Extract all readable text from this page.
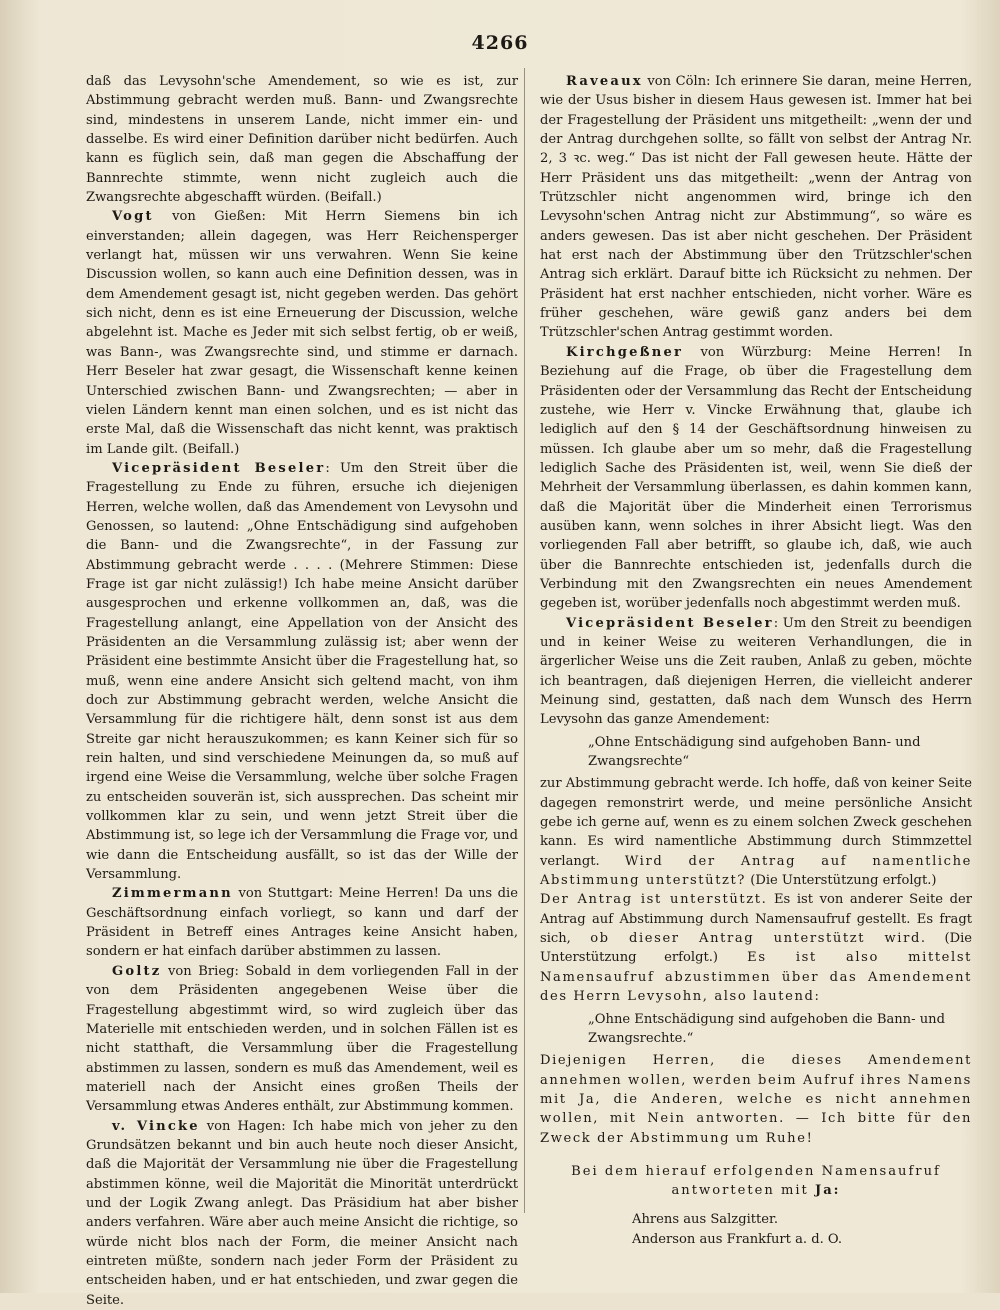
4266

daß das Levysohn'sche Amendement, so wie es ist, zur Abstimmung gebracht werden muß. Bann- und Zwangsrechte sind, mindestens in unserem Lande, nicht immer ein- und dasselbe. Es wird einer Definition darüber nicht bedürfen. Auch kann es füglich sein, daß man gegen die Abschaffung der Bannrechte stimmte, wenn nicht zugleich auch die Zwangsrechte abgeschafft würden. (Beifall.)

Vogt von Gießen: Mit Herrn Siemens bin ich einverstanden; allein dagegen, was Herr Reichensperger verlangt hat, müssen wir uns verwahren. Wenn Sie keine Discussion wollen, so kann auch eine Definition dessen, was in dem Amendement gesagt ist, nicht gegeben werden. Das gehört sich nicht, denn es ist eine Erneuerung der Discussion, welche abgelehnt ist. Mache es Jeder mit sich selbst fertig, ob er weiß, was Bann-, was Zwangsrechte sind, und stimme er darnach. Herr Beseler hat zwar gesagt, die Wissenschaft kenne keinen Unterschied zwischen Bann- und Zwangsrechten; — aber in vielen Ländern kennt man einen solchen, und es ist nicht das erste Mal, daß die Wissenschaft das nicht kennt, was praktisch im Lande gilt. (Beifall.)

Vicepräsident Beseler: Um den Streit über die Fragestellung zu Ende zu führen, ersuche ich diejenigen Herren, welche wollen, daß das Amendement von Levysohn und Genossen, so lautend: „Ohne Entschädigung sind aufgehoben die Bann- und die Zwangsrechte“, in der Fassung zur Abstimmung gebracht werde . . . . (Mehrere Stimmen: Diese Frage ist gar nicht zulässig!) Ich habe meine Ansicht darüber ausgesprochen und erkenne vollkommen an, daß, was die Fragestellung anlangt, eine Appellation von der Ansicht des Präsidenten an die Versammlung zulässig ist; aber wenn der Präsident eine bestimmte Ansicht über die Fragestellung hat, so muß, wenn eine andere Ansicht sich geltend macht, von ihm doch zur Abstimmung gebracht werden, welche Ansicht die Versammlung für die richtigere hält, denn sonst ist aus dem Streite gar nicht herauszukommen; es kann Keiner sich für so rein halten, und sind verschiedene Meinungen da, so muß auf irgend eine Weise die Versammlung, welche über solche Fragen zu entscheiden souverän ist, sich aussprechen. Das scheint mir vollkommen klar zu sein, und wenn jetzt Streit über die Abstimmung ist, so lege ich der Versammlung die Frage vor, und wie dann die Entscheidung ausfällt, so ist das der Wille der Versammlung.

Zimmermann von Stuttgart: Meine Herren! Da uns die Geschäftsordnung einfach vorliegt, so kann und darf der Präsident in Betreff eines Antrages keine Ansicht haben, sondern er hat einfach darüber abstimmen zu lassen.

Goltz von Brieg: Sobald in dem vorliegenden Fall in der von dem Präsidenten angegebenen Weise über die Fragestellung abgestimmt wird, so wird zugleich über das Materielle mit entschieden werden, und in solchen Fällen ist es nicht statthaft, die Versammlung über die Fragestellung abstimmen zu lassen, sondern es muß das Amendement, weil es materiell nach der Ansicht eines großen Theils der Versammlung etwas Anderes enthält, zur Abstimmung kommen.

v. Vincke von Hagen: Ich habe mich von jeher zu den Grundsätzen bekannt und bin auch heute noch dieser Ansicht, daß die Majorität der Versammlung nie über die Fragestellung abstimmen könne, weil die Majorität die Minorität unterdrückt und der Logik Zwang anlegt. Das Präsidium hat aber bisher anders verfahren. Wäre aber auch meine Ansicht die richtige, so würde nicht blos nach der Form, die meiner Ansicht nach eintreten müßte, sondern nach jeder Form der Präsident zu entscheiden haben, und er hat entschieden, und zwar gegen die Seite.

Raveaux von Cöln: Ich erinnere Sie daran, meine Herren, wie der Usus bisher in diesem Haus gewesen ist. Immer hat bei der Fragestellung der Präsident uns mitgetheilt: „wenn der und der Antrag durchgehen sollte, so fällt von selbst der Antrag Nr. 2, 3 ꝛc. weg.“ Das ist nicht der Fall gewesen heute. Hätte der Herr Präsident uns das mitgetheilt: „wenn der Antrag von Trützschler nicht angenommen wird, bringe ich den Levysohn'schen Antrag nicht zur Abstimmung“, so wäre es anders gewesen. Das ist aber nicht geschehen. Der Präsident hat erst nach der Abstimmung über den Trützschler'schen Antrag sich erklärt. Darauf bitte ich Rücksicht zu nehmen. Der Präsident hat erst nachher entschieden, nicht vorher. Wäre es früher geschehen, wäre gewiß ganz anders bei dem Trützschler'schen Antrag gestimmt worden.

Kirchgeßner von Würzburg: Meine Herren! In Beziehung auf die Frage, ob über die Fragestellung dem Präsidenten oder der Versammlung das Recht der Entscheidung zustehe, wie Herr v. Vincke Erwähnung that, glaube ich lediglich auf den § 14 der Geschäftsordnung hinweisen zu müssen. Ich glaube aber um so mehr, daß die Fragestellung lediglich Sache des Präsidenten ist, weil, wenn Sie dieß der Mehrheit der Versammlung überlassen, es dahin kommen kann, daß die Majorität über die Minderheit einen Terrorismus ausüben kann, wenn solches in ihrer Absicht liegt. Was den vorliegenden Fall aber betrifft, so glaube ich, daß, wie auch über die Bannrechte entschieden ist, jedenfalls durch die Verbindung mit den Zwangsrechten ein neues Amendement gegeben ist, worüber jedenfalls noch abgestimmt werden muß.

Vicepräsident Beseler: Um den Streit zu beendigen und in keiner Weise zu weiteren Verhandlungen, die in ärgerlicher Weise uns die Zeit rauben, Anlaß zu geben, möchte ich beantragen, daß diejenigen Herren, die vielleicht anderer Meinung sind, gestatten, daß nach dem Wunsch des Herrn Levysohn das ganze Amendement:

„Ohne Entschädigung sind aufgehoben Bann- und Zwangsrechte“

zur Abstimmung gebracht werde. Ich hoffe, daß von keiner Seite dagegen remonstrirt werde, und meine persönliche Ansicht gebe ich gerne auf, wenn es zu einem solchen Zweck geschehen kann. Es wird namentliche Abstimmung durch Stimmzettel verlangt. Wird der Antrag auf namentliche Abstimmung unterstützt? (Die Unterstützung erfolgt.)

Der Antrag ist unterstützt. Es ist von anderer Seite der Antrag auf Abstimmung durch Namensaufruf gestellt. Es fragt sich, ob dieser Antrag unterstützt wird. (Die Unterstützung erfolgt.) Es ist also mittelst Namensaufruf abzustimmen über das Amendement des Herrn Levysohn, also lautend:

„Ohne Entschädigung sind aufgehoben die Bann- und Zwangsrechte.“

Diejenigen Herren, die dieses Amendement annehmen wollen, werden beim Aufruf ihres Namens mit Ja, die Anderen, welche es nicht annehmen wollen, mit Nein antworten. — Ich bitte für den Zweck der Abstimmung um Ruhe!

Bei dem hierauf erfolgenden Namensaufruf
antworteten mit Ja:
Ahrens aus Salzgitter.
Anderson aus Frankfurt a. d. O.
